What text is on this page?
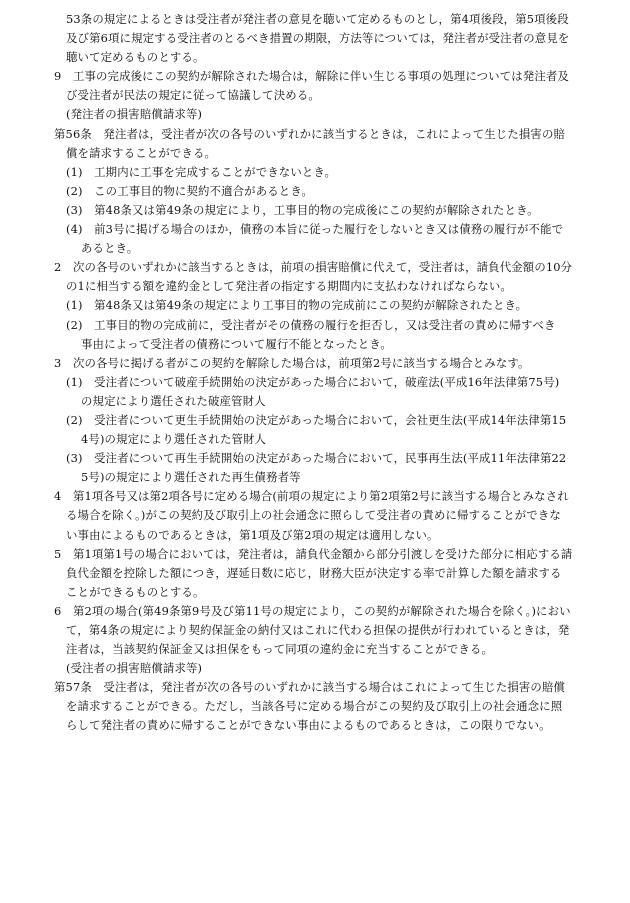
53条の規定によるときは受注者が発注者の意見を聴いて定めるものとし，第4項後段，第5項後段
及び第6項に規定する受注者のとるべき措置の期限，方法等については，発注者が受注者の意見を
聴いて定めるものとする。
9　工事の完成後にこの契約が解除された場合は，解除に伴い生じる事項の処理については発注者及
び受注者が民法の規定に従って協議して決める。
(発注者の損害賠償請求等)
第56条　発注者は，受注者が次の各号のいずれかに該当するときは，これによって生じた損害の賠
償を請求することができる。
(1)　工期内に工事を完成することができないとき。
(2)　この工事目的物に契約不適合があるとき。
(3)　第48条又は第49条の規定により，工事目的物の完成後にこの契約が解除されたとき。
(4)　前3号に掲げる場合のほか，債務の本旨に従った履行をしないとき又は債務の履行が不能で
あるとき。
2　次の各号のいずれかに該当するときは，前項の損害賠償に代えて，受注者は，請負代金額の10分
の1に相当する額を違約金として発注者の指定する期間内に支払わなければならない。
(1)　第48条又は第49条の規定により工事目的物の完成前にこの契約が解除されたとき。
(2)　工事目的物の完成前に，受注者がその債務の履行を拒否し，又は受注者の責めに帰すべき
事由によって受注者の債務について履行不能となったとき。
3　次の各号に掲げる者がこの契約を解除した場合は，前項第2号に該当する場合とみなす。
(1)　受注者について破産手続開始の決定があった場合において，破産法(平成16年法律第75号)
の規定により選任された破産管財人
(2)　受注者について更生手続開始の決定があった場合において，会社更生法(平成14年法律第15
4号)の規定により選任された管財人
(3)　受注者について再生手続開始の決定があった場合において，民事再生法(平成11年法律第22
5号)の規定により選任された再生債務者等
4　第1項各号又は第2項各号に定める場合(前項の規定により第2項第2号に該当する場合とみなされ
る場合を除く。)がこの契約及び取引上の社会通念に照らして受注者の責めに帰することができな
い事由によるものであるときは，第1項及び第2項の規定は適用しない。
5　第1項第1号の場合においては，発注者は，請負代金額から部分引渡しを受けた部分に相応する請
負代金額を控除した額につき，遅延日数に応じ，財務大臣が決定する率で計算した額を請求する
ことができるものとする。
6　第2項の場合(第49条第9号及び第11号の規定により，この契約が解除された場合を除く。)におい
て，第4条の規定により契約保証金の納付又はこれに代わる担保の提供が行われているときは，発
注者は，当該契約保証金又は担保をもって同項の違約金に充当することができる。
(受注者の損害賠償請求等)
第57条　受注者は，発注者が次の各号のいずれかに該当する場合はこれによって生じた損害の賠償
を請求することができる。ただし，当該各号に定める場合がこの契約及び取引上の社会通念に照
らして発注者の責めに帰することができない事由によるものであるときは，この限りでない。
